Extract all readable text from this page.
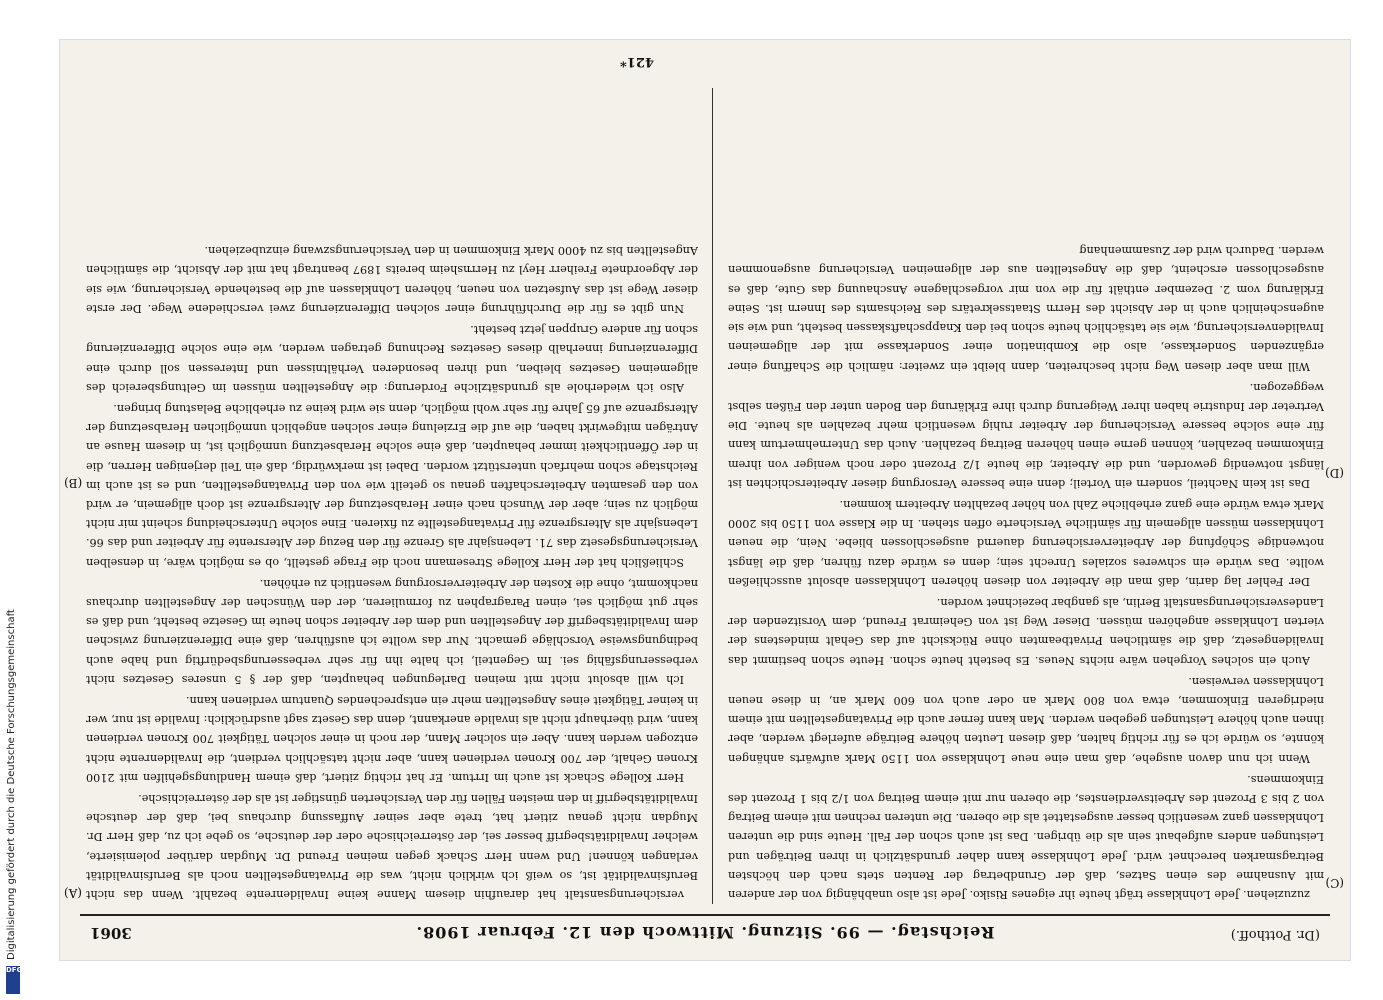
(Dr. Potthoff.)
Reichstag. — 99. Sitzung. Mittwoch den 12. Februar 1908.
3061
(C)
(D)
(A)
(B)

zuzuziehen. Jede Lohnklasse trägt heute ihr eigenes Risiko. Jede ist also unabhängig von der anderen mit Ausnahme des einen Satzes, daß der Grundbetrag der Renten stets nach den höchsten Beitragsmarken berechnet wird. Jede Lohnklasse kann daher grundsätzlich in ihren Beiträgen und Leistungen anders aufgebaut sein als die übrigen. Das ist auch schon der Fall. Heute sind die unteren Lohnklassen ganz wesentlich besser ausgestattet als die oberen. Die unteren rechnen mit einem Beitrag von 2 bis 3 Prozent des Arbeitsverdienstes, die oberen nur mit einem Beitrag von 1/2 bis 1 Prozent des Einkommens.

Wenn ich nun davon ausgehe, daß man eine neue Lohnklasse von 1150 Mark aufwärts anhängen könnte, so würde ich es für richtig halten, daß diesen Leuten höhere Beiträge auferlegt werden, aber ihnen auch höhere Leistungen gegeben werden. Man kann ferner auch die Privatangestellten mit einem niedrigeren Einkommen, etwa von 800 Mark an oder auch von 600 Mark an, in diese neuen Lohnklassen verweisen.

Auch ein solches Vorgehen wäre nichts Neues. Es besteht heute schon. Heute schon bestimmt das Invalidengesetz, daß die sämtlichen Privatbeamten ohne Rücksicht auf das Gehalt mindestens der vierten Lohnklasse angehören müssen. Dieser Weg ist von Geheimrat Freund, dem Vorsitzenden der Landesversicherungsanstalt Berlin, als gangbar bezeichnet worden.

Der Fehler lag darin, daß man die Arbeiter von diesen höheren Lohnklassen absolut ausschließen wollte. Das würde ein schweres soziales Unrecht sein; denn es würde dazu führen, daß die längst notwendige Schöpfung der Arbeiterversicherung dauernd ausgeschlossen bliebe. Nein, die neuen Lohnklassen müssen allgemein für sämtliche Versicherte offen stehen. In die Klasse von 1150 bis 2000 Mark etwa würde eine ganz erhebliche Zahl von höher bezahlten Arbeitern kommen.

Das ist kein Nachteil, sondern ein Vorteil; denn eine bessere Versorgung dieser Arbeiterschichten ist längst notwendig geworden, und die Arbeiter, die heute 1/2 Prozent oder noch weniger von ihrem Einkommen bezahlen, können gerne einen höheren Beitrag bezahlen. Auch das Unternehmertum kann für eine solche bessere Versicherung der Arbeiter ruhig wesentlich mehr bezahlen als heute. Die Vertreter der Industrie haben ihrer Weigerung durch ihre Erklärung den Boden unter den Füßen selbst weggezogen.

Will man aber diesen Weg nicht beschreiten, dann bleibt ein zweiter: nämlich die Schaffung einer ergänzenden Sonderkasse, also die Kombination einer Sonderkasse mit der allgemeinen Invalidenversicherung, wie sie tatsächlich heute schon bei den Knappschaftskassen besteht, und wie sie augenscheinlich auch in der Absicht des Herrn Staatssekretärs des Reichsamts des Innern ist. Seine Erklärung vom 2. Dezember enthält für die von mir vorgeschlagene Anschauung das Gute, daß es ausgeschlossen erscheint, daß die Angestellten aus der allgemeinen Versicherung ausgenommen werden. Dadurch wird der Zusammenhang

versicherungsanstalt hat daraufhin diesem Manne keine Invalidenrente bezahlt. Wenn das nicht Berufsinvalidität ist, so weiß ich wirklich nicht, was die Privatangestellten noch als Berufsinvalidität verlangen können! Und wenn Herr Schack gegen meinen Freund Dr. Mugdan darüber polemisierte, welcher Invaliditätsbegriff besser sei, der österreichische oder der deutsche, so gebe ich zu, daß Herr Dr. Mugdan nicht genau zitiert hat, trete aber seiner Auffassung durchaus bei, daß der deutsche Invaliditätsbegriff in den meisten Fällen für den Versicherten günstiger ist als der österreichische.

Herr Kollege Schack ist auch im Irrtum. Er hat richtig zitiert, daß einem Handlungsgehilfen mit 2100 Kronen Gehalt, der 700 Kronen verdienen kann, aber nicht tatsächlich verdient, die Invalidenrente nicht entzogen werden kann. Aber ein solcher Mann, der noch in einer solchen Tätigkeit 700 Kronen verdienen kann, wird überhaupt nicht als invalide anerkannt, denn das Gesetz sagt ausdrücklich: Invalide ist nur, wer in keiner Tätigkeit eines Angestellten mehr ein entsprechendes Quantum verdienen kann.

Ich will absolut nicht mit meinen Darlegungen behaupten, daß der § 5 unseres Gesetzes nicht verbesserungsfähig sei. Im Gegenteil, ich halte ihn für sehr verbesserungsbedürftig und habe auch bedingungsweise Vorschläge gemacht. Nur das wollte ich ausführen, daß eine Differenzierung zwischen dem Invaliditätsbegriff der Angestellten und dem der Arbeiter schon heute im Gesetze besteht, und daß es sehr gut möglich sei, einen Paragraphen zu formulieren, der den Wünschen der Angestellten durchaus nachkommt, ohne die Kosten der Arbeiterversorgung wesentlich zu erhöhen.

Schließlich hat der Herr Kollege Stresemann noch die Frage gestellt, ob es möglich wäre, in denselben Versicherungsgesetz das 71. Lebensjahr als Grenze für den Bezug der Altersrente für Arbeiter und das 66. Lebensjahr als Altersgrenze für Privatangestellte zu fixieren. Eine solche Unterscheidung scheint mir nicht möglich zu sein; aber der Wunsch nach einer Herabsetzung der Altersgrenze ist doch allgemein, er wird von den gesamten Arbeiterschaften genau so geteilt wie von den Privatangestellten, und es ist auch im Reichstage schon mehrfach unterstützt worden. Dabei ist merkwürdig, daß ein Teil derjenigen Herren, die in der Öffentlichkeit immer behaupten, daß eine solche Herabsetzung unmöglich ist, in diesem Hause an Anträgen mitgewirkt haben, die auf die Erzielung einer solchen angeblich unmöglichen Herabsetzung der Altersgrenze auf 65 Jahre für sehr wohl möglich, denn sie wird keine zu erhebliche Belastung bringen.

Also ich wiederhole als grundsätzliche Forderung: die Angestellten müssen im Geltungsbereich des allgemeinen Gesetzes bleiben, und ihren besonderen Verhältnissen und Interessen soll durch eine Differenzierung innerhalb dieses Gesetzes Rechnung getragen werden, wie eine solche Differenzierung schon für andere Gruppen jetzt besteht.

Nun gibt es für die Durchführung einer solchen Differenzierung zwei verschiedene Wege. Der erste dieser Wege ist das Aufsetzen von neuen, höheren Lohnklassen auf die bestehende Versicherung, wie sie der Abgeordnete Freiherr Heyl zu Herrnsheim bereits 1897 beantragt hat mit der Absicht, die sämtlichen Angestellten bis zu 4000 Mark Einkommen in den Versicherungszwang einzubeziehen.

421*
Digitalisierung gefördert durch die Deutsche Forschungsgemeinschaft
DFG
